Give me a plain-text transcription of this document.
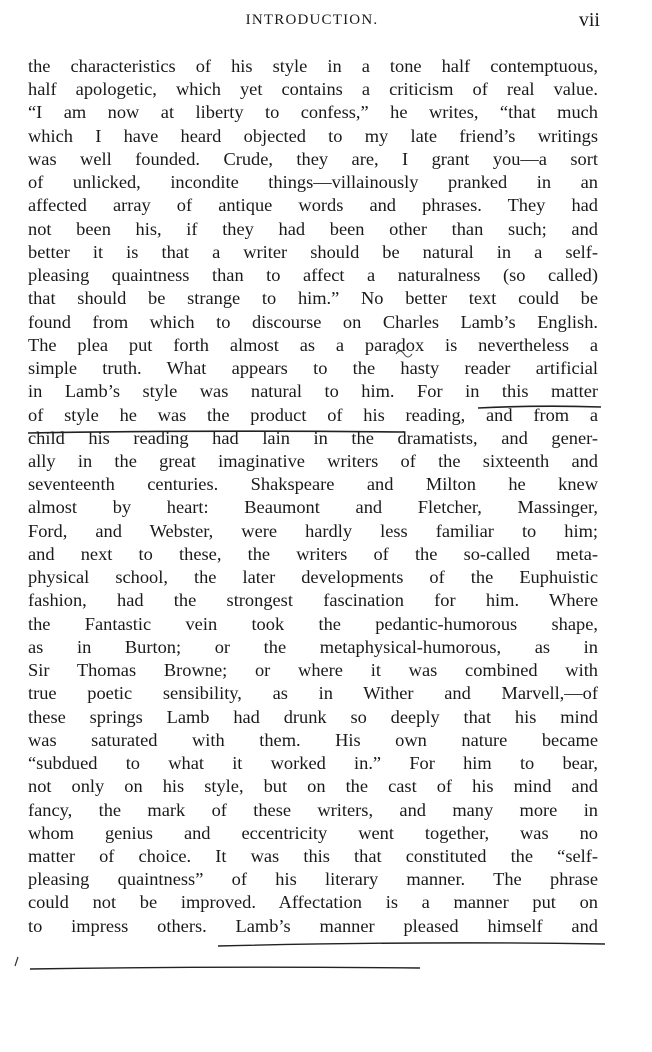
INTRODUCTION.	vii
the characteristics of his style in a tone half contemptuous,
half apologetic, which yet contains a criticism of real value.
“I am now at liberty to confess,” he writes, “that much
which I have heard objected to my late friend’s writings
was well founded. Crude, they are, I grant you—a sort
of unlicked, incondite things—villainously pranked in an
affected array of antique words and phrases. They had
not been his, if they had been other than such; and
better it is that a writer should be natural in a self-
pleasing quaintness than to affect a naturalness (so called)
that should be strange to him.” No better text could be
found from which to discourse on Charles Lamb’s English.
The plea put forth almost as a paradox is nevertheless a
simple truth. What appears to the hasty reader artificial
in Lamb’s style was natural to him. For in this matter
of style he was the product of his reading, and from a
child his reading had lain in the dramatists, and gener-
ally in the great imaginative writers of the sixteenth and
seventeenth centuries. Shakspeare and Milton he knew
almost by heart: Beaumont and Fletcher, Massinger,
Ford, and Webster, were hardly less familiar to him;
and next to these, the writers of the so-called meta-
physical school, the later developments of the Euphuistic
fashion, had the strongest fascination for him. Where
the Fantastic vein took the pedantic-humorous shape,
as in Burton; or the metaphysical-humorous, as in
Sir Thomas Browne; or where it was combined with
true poetic sensibility, as in Wither and Marvell,—of
these springs Lamb had drunk so deeply that his mind
was saturated with them. His own nature became
“subdued to what it worked in.” For him to bear,
not only on his style, but on the cast of his mind and
fancy, the mark of these writers, and many more in
whom genius and eccentricity went together, was no
matter of choice. It was this that constituted the “self-
pleasing quaintness” of his literary manner. The phrase
could not be improved. Affectation is a manner put on
to impress others. Lamb’s manner pleased himself and
